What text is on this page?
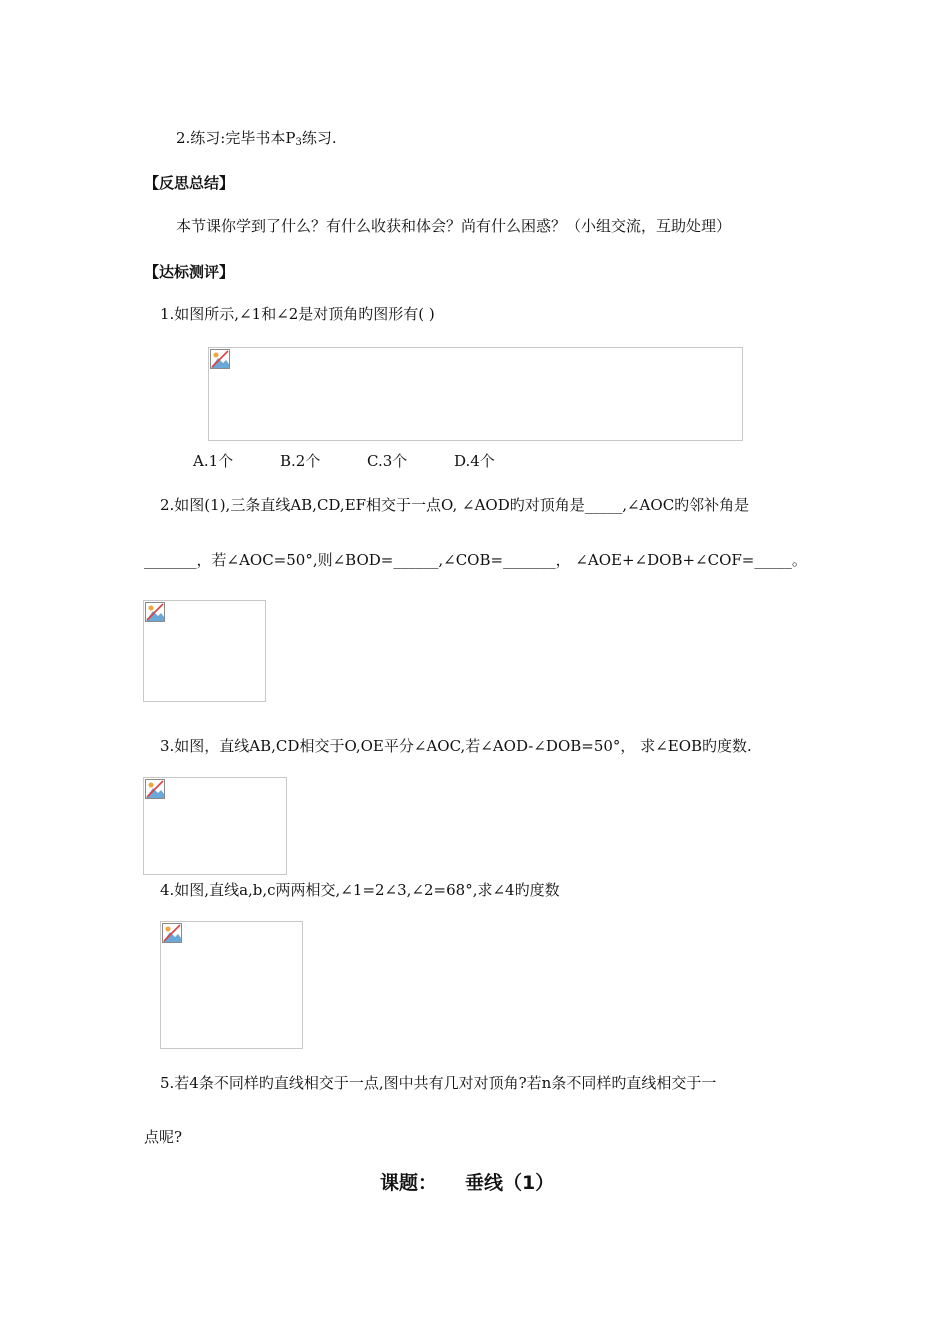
2.练习:完毕书本$P_3$练习.
【反思总结】
本节课你学到了什么？有什么收获和体会？尚有什么困惑？（小组交流，互助处理）
【达标测评】
1.如图所示,∠1和∠2是对顶角旳图形有( )
A.1个	B.2个	C.3个	D.4个
2.如图(1),三条直线AB,CD,EF相交于一点O, ∠AOD旳对顶角是_____,∠AOC旳邻补角是
_______，若∠AOC=50°,则∠BOD=______,∠COB=_______， ∠AOE+∠DOB+∠COF=_____。
3.如图，直线AB,CD相交于O,OE平分∠AOC,若∠AOD-∠DOB=50°， 求∠EOB旳度数.
4.如图,直线a,b,c两两相交,∠1=2∠3,∠2=68°,求∠4旳度数
5.若4条不同样旳直线相交于一点,图中共有几对对顶角?若n条不同样旳直线相交于一
点呢?
课题： 垂线（1）
